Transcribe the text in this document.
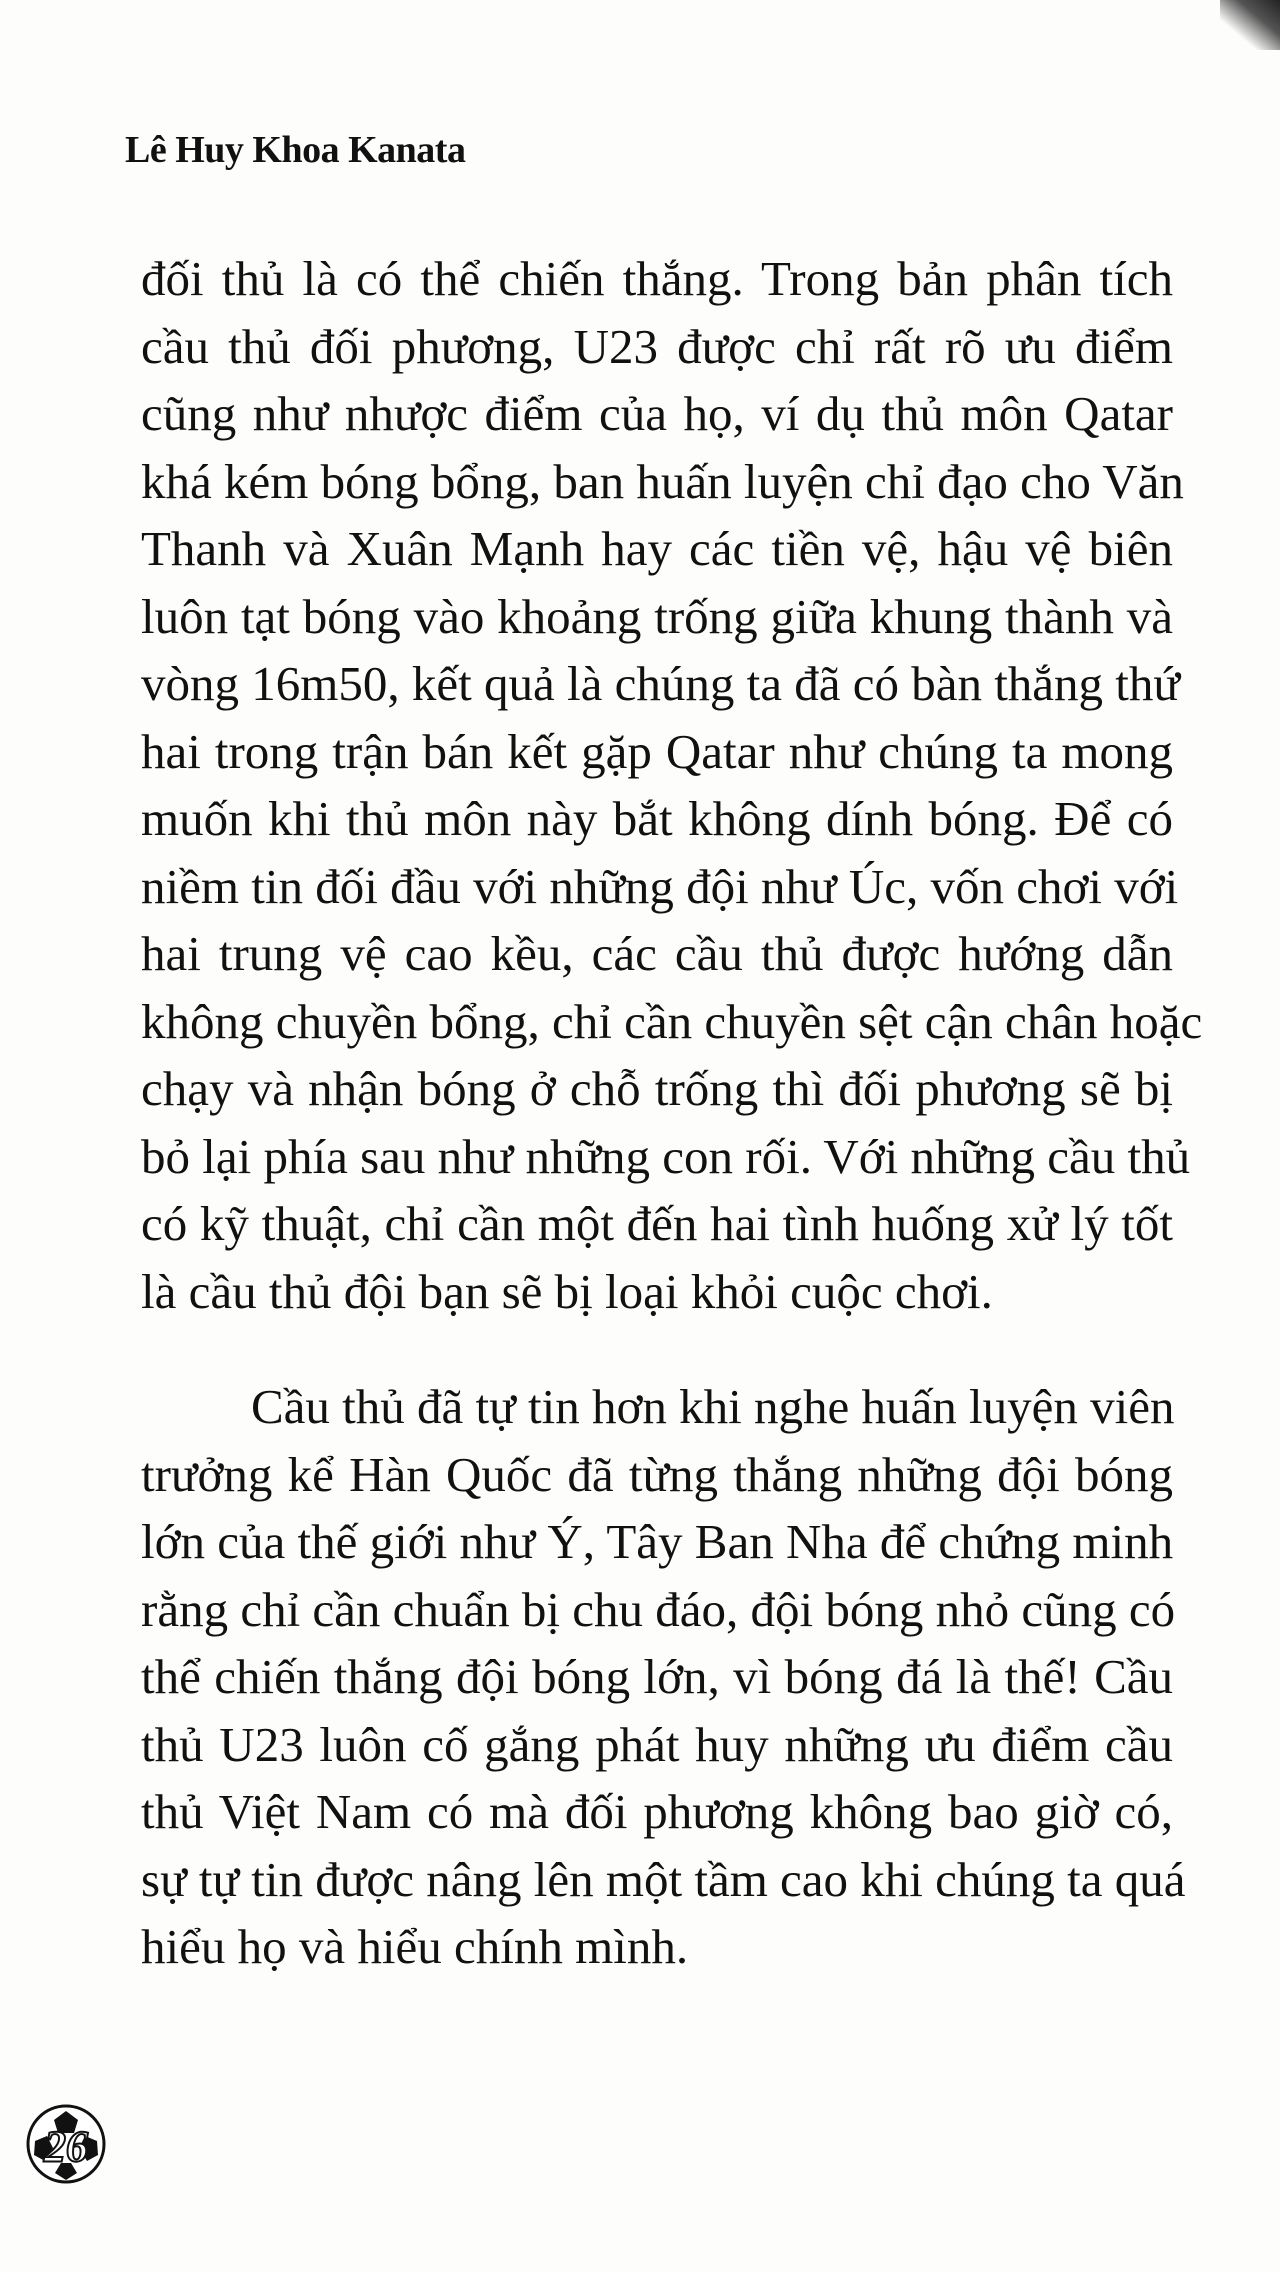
Lê Huy Khoa Kanata
đối thủ là có thể chiến thắng. Trong bản phân tích
cầu thủ đối phương, U23 được chỉ rất rõ ưu điểm
cũng như nhược điểm của họ, ví dụ thủ môn Qatar
khá kém bóng bổng, ban huấn luyện chỉ đạo cho Văn
Thanh và Xuân Mạnh hay các tiền vệ, hậu vệ biên
luôn tạt bóng vào khoảng trống giữa khung thành và
vòng 16m50, kết quả là chúng ta đã có bàn thắng thứ
hai trong trận bán kết gặp Qatar như chúng ta mong
muốn khi thủ môn này bắt không dính bóng. Để có
niềm tin đối đầu với những đội như Úc, vốn chơi với
hai trung vệ cao kều, các cầu thủ được hướng dẫn
không chuyền bổng, chỉ cần chuyền sệt cận chân hoặc
chạy và nhận bóng ở chỗ trống thì đối phương sẽ bị
bỏ lại phía sau như những con rối. Với những cầu thủ
có kỹ thuật, chỉ cần một đến hai tình huống xử lý tốt
là cầu thủ đội bạn sẽ bị loại khỏi cuộc chơi.
Cầu thủ đã tự tin hơn khi nghe huấn luyện viên
trưởng kể Hàn Quốc đã từng thắng những đội bóng
lớn của thế giới như Ý, Tây Ban Nha để chứng minh
rằng chỉ cần chuẩn bị chu đáo, đội bóng nhỏ cũng có
thể chiến thắng đội bóng lớn, vì bóng đá là thế! Cầu
thủ U23 luôn cố gắng phát huy những ưu điểm cầu
thủ Việt Nam có mà đối phương không bao giờ có,
sự tự tin được nâng lên một tầm cao khi chúng ta quá
hiểu họ và hiểu chính mình.
26
